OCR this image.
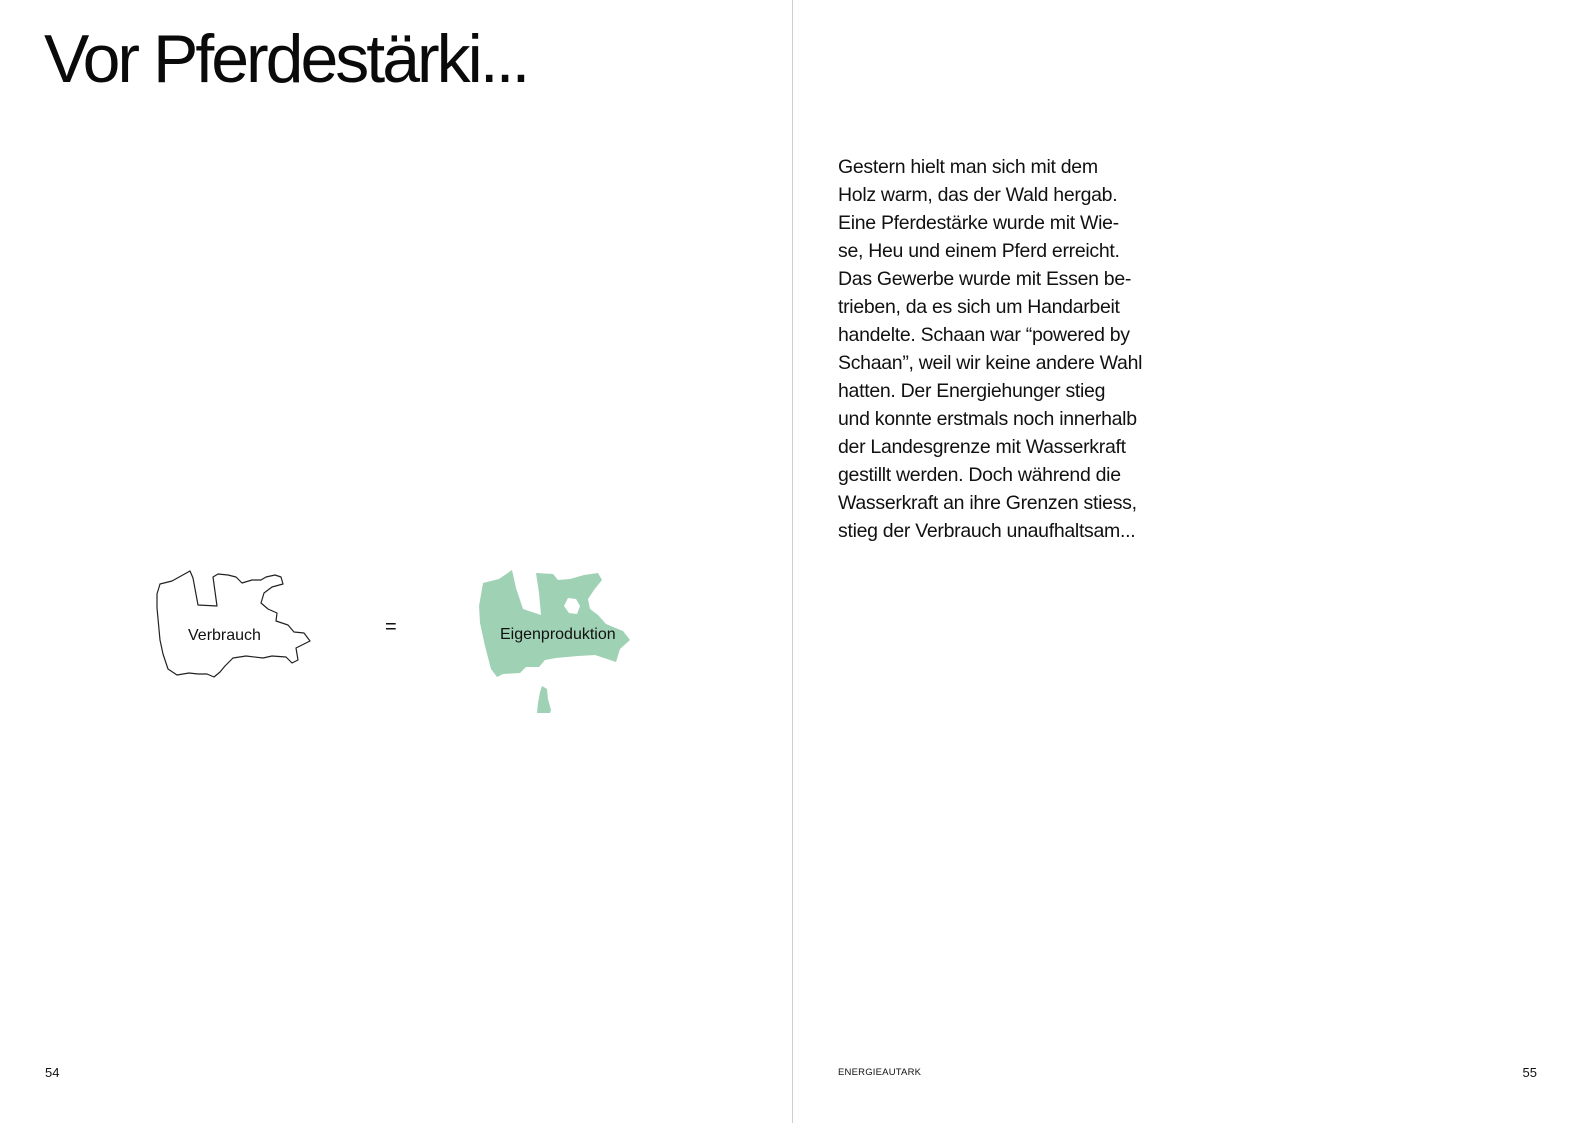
Vor Pferdestärki...
Verbrauch	=	Eigenproduktion
54

Gestern hielt man sich mit dem
Holz warm, das der Wald hergab.
Eine Pferdestärke wurde mit Wie-
se, Heu und einem Pferd erreicht.
Das Gewerbe wurde mit Essen be-
trieben, da es sich um Handarbeit
handelte. Schaan war “powered by
Schaan”, weil wir keine andere Wahl
hatten. Der Energiehunger stieg
und konnte erstmals noch innerhalb
der Landesgrenze mit Wasserkraft
gestillt werden. Doch während die
Wasserkraft an ihre Grenzen stiess,
stieg der Verbrauch unaufhaltsam...

ENERGIEAUTARK	55
